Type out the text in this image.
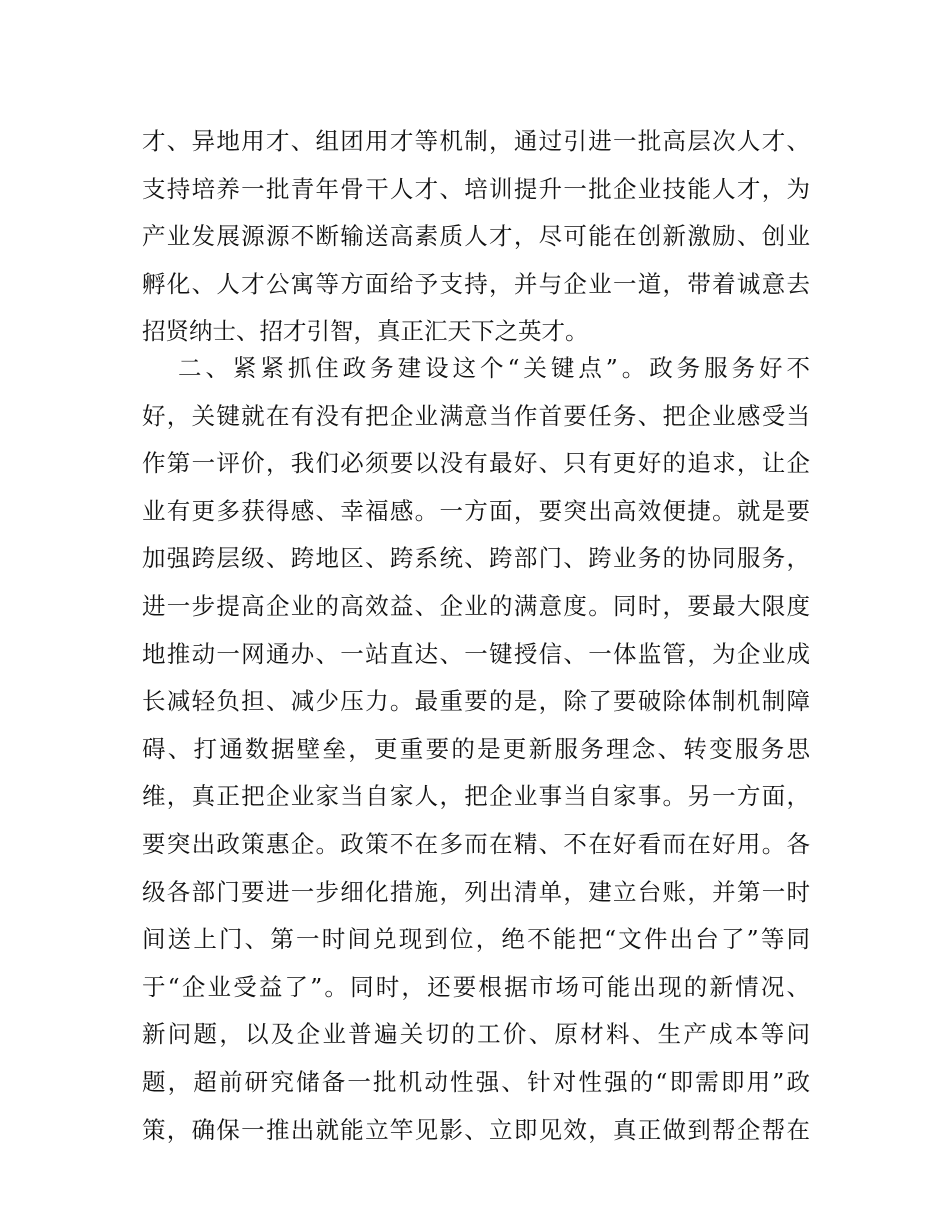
才、异地用才、组团用才等机制，通过引进一批高层次人才、
支持培养一批青年骨干人才、培训提升一批企业技能人才，为
产业发展源源不断输送高素质人才，尽可能在创新激励、创业
孵化、人才公寓等方面给予支持，并与企业一道，带着诚意去
招贤纳士、招才引智，真正汇天下之英才。
二、紧紧抓住政务建设这个“关键点”。政务服务好不
好，关键就在有没有把企业满意当作首要任务、把企业感受当
作第一评价，我们必须要以没有最好、只有更好的追求，让企
业有更多获得感、幸福感。一方面，要突出高效便捷。就是要
加强跨层级、跨地区、跨系统、跨部门、跨业务的协同服务，
进一步提高企业的高效益、企业的满意度。同时，要最大限度
地推动一网通办、一站直达、一键授信、一体监管，为企业成
长减轻负担、减少压力。最重要的是，除了要破除体制机制障
碍、打通数据壁垒，更重要的是更新服务理念、转变服务思
维，真正把企业家当自家人，把企业事当自家事。另一方面，
要突出政策惠企。政策不在多而在精、不在好看而在好用。各
级各部门要进一步细化措施，列出清单，建立台账，并第一时
间送上门、第一时间兑现到位，绝不能把“文件出台了”等同
于“企业受益了”。同时，还要根据市场可能出现的新情况、
新问题，以及企业普遍关切的工价、原材料、生产成本等问
题，超前研究储备一批机动性强、针对性强的“即需即用”政
策，确保一推出就能立竿见影、立即见效，真正做到帮企帮在
